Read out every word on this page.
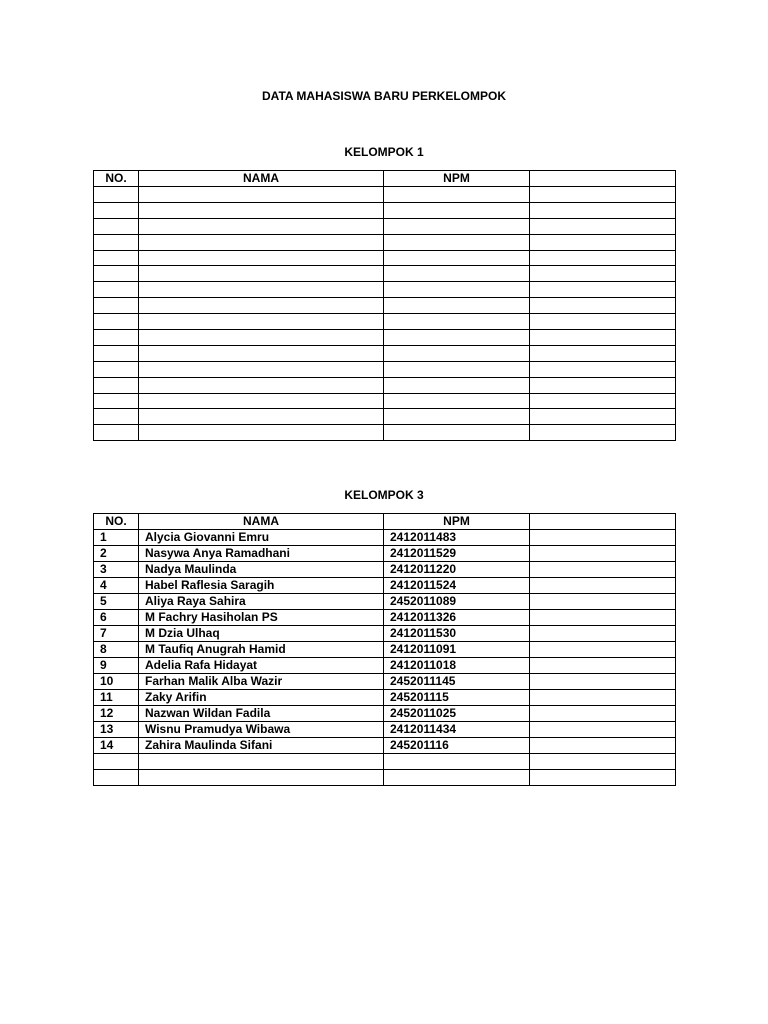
DATA MAHASISWA BARU PERKELOMPOK
KELOMPOK 1
NO.	NAMA	NPM	

KELOMPOK 3
NO.	NAMA	NPM	
1	Alycia Giovanni Emru	2412011483	
2	Nasywa Anya Ramadhani	2412011529	
3	Nadya Maulinda	2412011220	
4	Habel Raflesia Saragih	2412011524	
5	Aliya Raya Sahira	2452011089	
6	M Fachry Hasiholan PS	2412011326	
7	M Dzia Ulhaq	2412011530	
8	M Taufiq Anugrah Hamid	2412011091	
9	Adelia Rafa Hidayat	2412011018	
10	Farhan Malik Alba Wazir	2452011145	
11	Zaky Arifin	245201115	
12	Nazwan Wildan Fadila	2452011025	
13	Wisnu Pramudya Wibawa	2412011434	
14	Zahira Maulinda Sifani	245201116	
